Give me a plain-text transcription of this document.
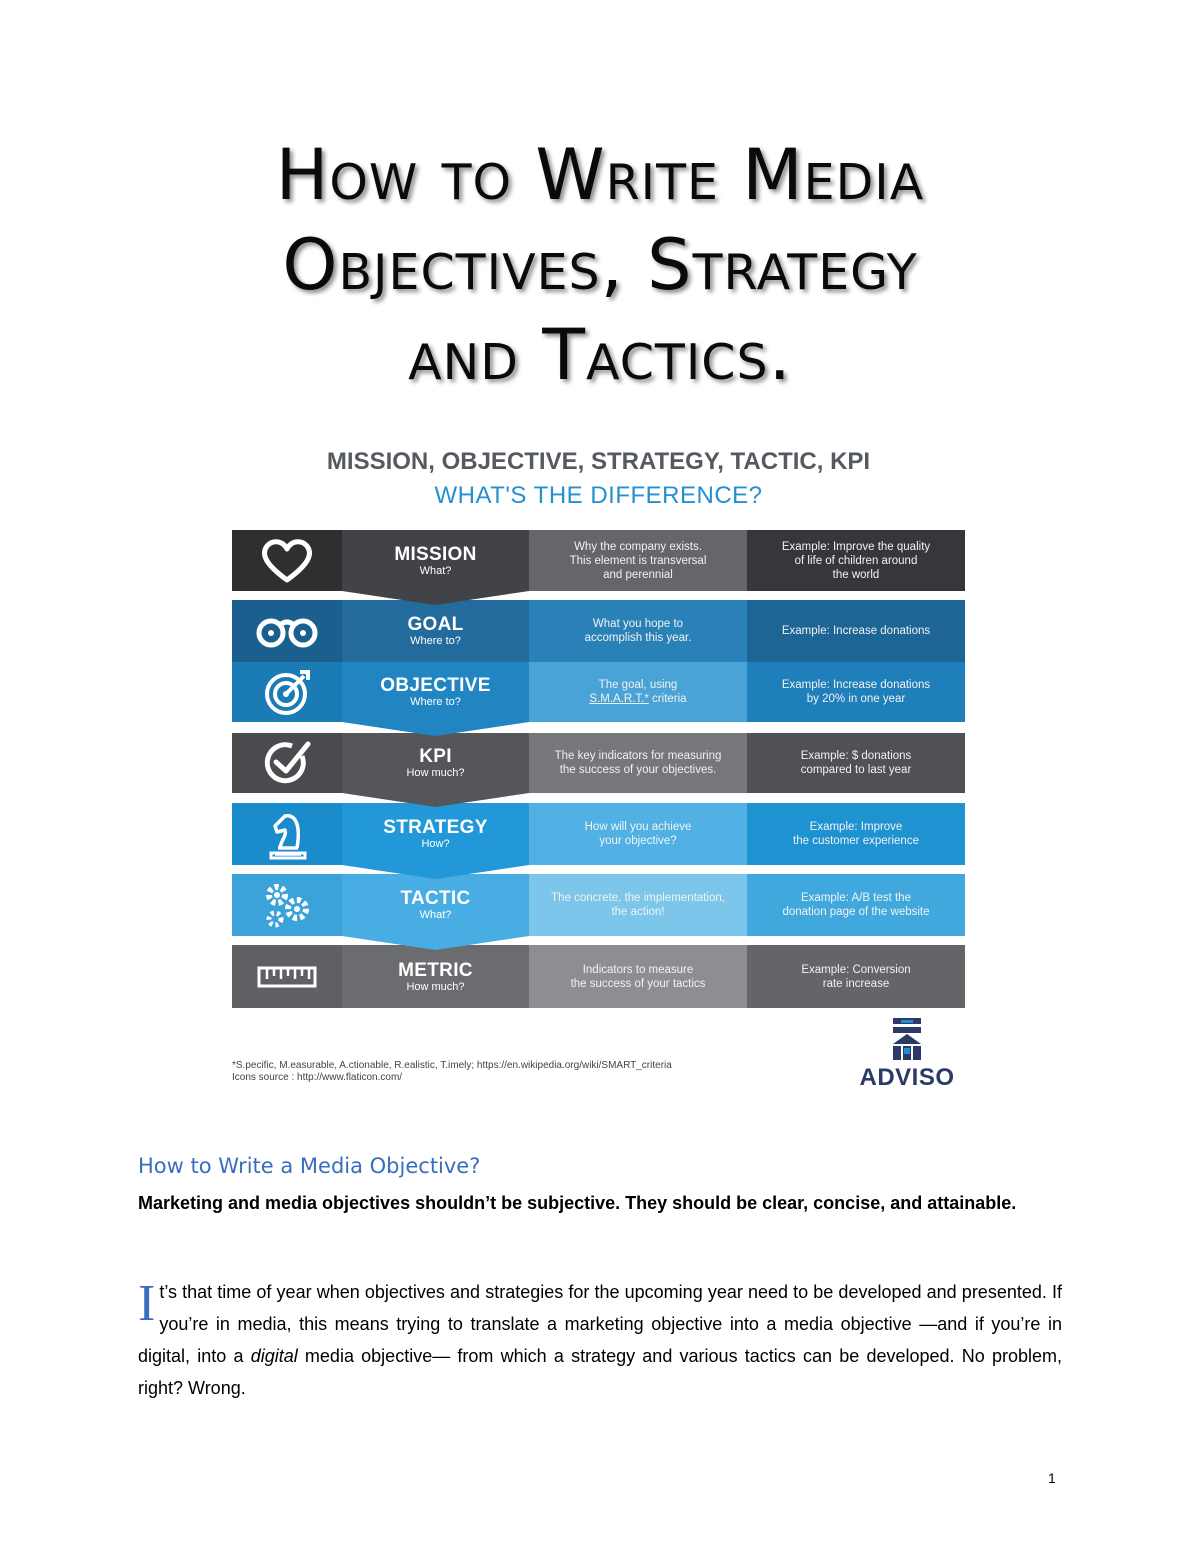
How to Write Media
Objectives, Strategy
and Tactics.
MISSION, OBJECTIVE, STRATEGY, TACTIC, KPI
WHAT'S THE DIFFERENCE?
MISSION
What?
Why the company exists.
This element is transversal
and perennial
Example: Improve the quality
of life of children around
the world
GOAL
Where to?
What you hope to
accomplish this year.
Example: Increase donations
OBJECTIVE
Where to?
The goal, using
S.M.A.R.T.* criteria
Example: Increase donations
by 20% in one year
KPI
How much?
The key indicators for measuring
the success of your objectives.
Example: $ donations
compared to last year
STRATEGY
How?
How will you achieve
your objective?
Example: Improve
the customer experience
TACTIC
What?
The concrete, the implementation,
the action!
Example: A/B test the
donation page of the website
METRIC
How much?
Indicators to measure
the success of your tactics
Example: Conversion
rate increase
*S.pecific, M.easurable, A.ctionable, R.ealistic, T.imely; https://en.wikipedia.org/wiki/SMART_criteria
Icons source : http://www.flaticon.com/	ADVISO
How to Write a Media Objective?
Marketing and media objectives shouldn’t be subjective. They should be clear, concise, and attainable.
It’s that time of year when objectives and strategies for the upcoming year need to be developed and presented. If you’re in media, this means trying to translate a marketing objective into a media objective —and if you’re in digital, into a digital media objective— from which a strategy and various tactics can be developed. No problem, right? Wrong.
1
